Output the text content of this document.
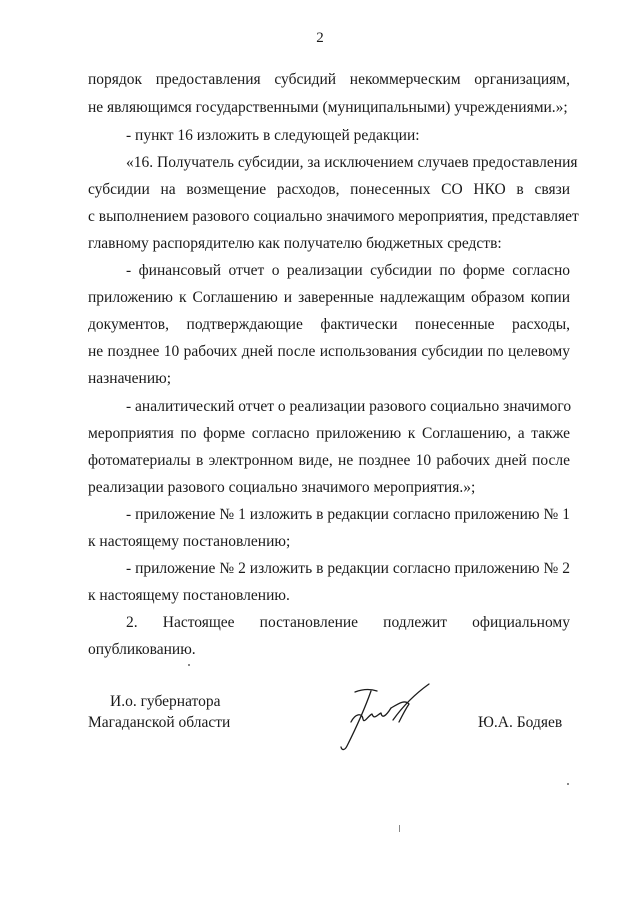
2
порядок предоставления субсидий некоммерческим организациям,
не являющимся государственными (муниципальными) учреждениями.»;
- пункт 16 изложить в следующей редакции:
«16. Получатель субсидии, за исключением случаев предоставления
субсидии на возмещение расходов, понесенных СО НКО в связи
с выполнением разового социально значимого мероприятия, представляет
главному распорядителю как получателю бюджетных средств:
- финансовый отчет о реализации субсидии по форме согласно
приложению к Соглашению и заверенные надлежащим образом копии
документов, подтверждающие фактически понесенные расходы,
не позднее 10 рабочих дней после использования субсидии по целевому
назначению;
- аналитический отчет о реализации разового социально значимого
мероприятия по форме согласно приложению к Соглашению, а также
фотоматериалы в электронном виде, не позднее 10 рабочих дней после
реализации разового социально значимого мероприятия.»;
- приложение № 1 изложить в редакции согласно приложению № 1
к настоящему постановлению;
- приложение № 2 изложить в редакции согласно приложению № 2
к настоящему постановлению.
2. Настоящее постановление подлежит официальному
опубликованию.
И.о. губернатора
Магаданской области	Ю.А. Бодяев
